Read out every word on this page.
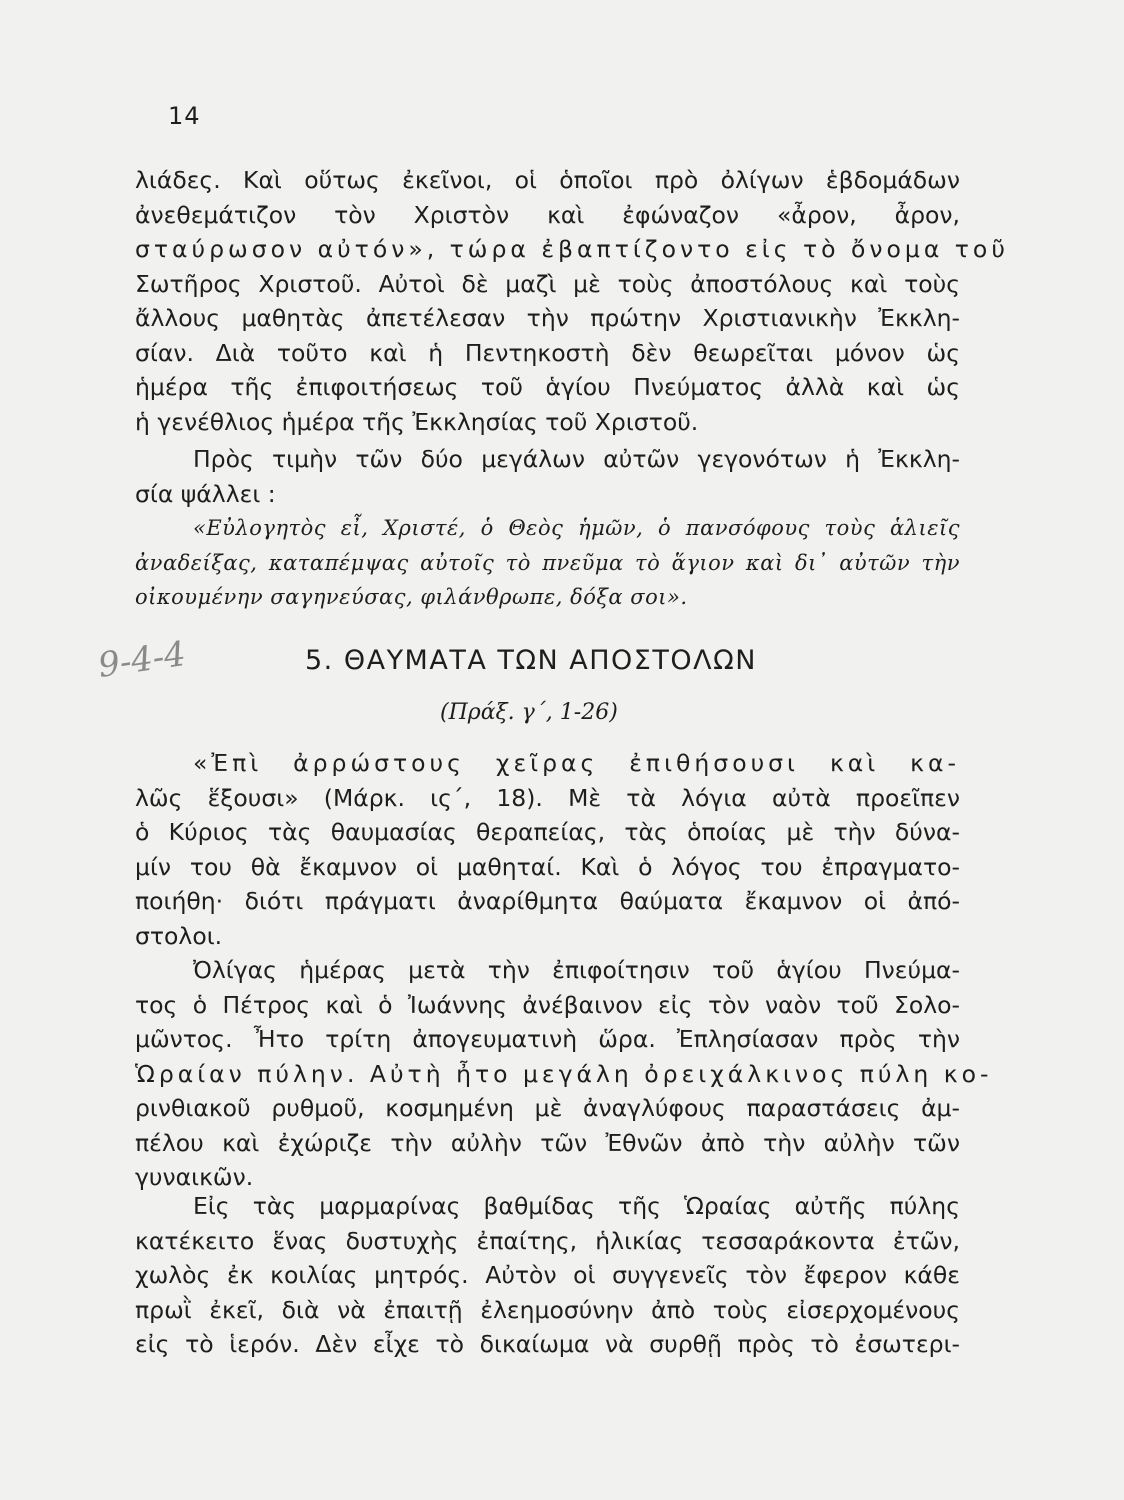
14
λιάδες. Καὶ οὕτως ἐκεῖνοι, οἱ ὁποῖοι πρὸ ὀλίγων ἑβδομάδων
ἀνεθεμάτιζον τὸν Χριστὸν καὶ ἐφώναζον «ἆρον, ἆρον,
σταύρωσον αὐτόν», τώρα ἐβαπτίζοντο εἰς τὸ ὄνομα τοῦ
Σωτῆρος Χριστοῦ. Αὐτοὶ δὲ μαζὶ μὲ τοὺς ἀποστόλους καὶ τοὺς
ἄλλους μαθητὰς ἀπετέλεσαν τὴν πρώτην Χριστιανικὴν Ἐκκλη-
σίαν. Διὰ τοῦτο καὶ ἡ Πεντηκοστὴ δὲν θεωρεῖται μόνον ὡς
ἡμέρα τῆς ἐπιφοιτήσεως τοῦ ἁγίου Πνεύματος ἀλλὰ καὶ ὡς
ἡ γενέθλιος ἡμέρα τῆς Ἐκκλησίας τοῦ Χριστοῦ.
Πρὸς τιμὴν τῶν δύο μεγάλων αὐτῶν γεγονότων ἡ Ἐκκλη-
σία ψάλλει :
«Εὐλογητὸς εἶ, Χριστέ, ὁ Θεὸς ἡμῶν, ὁ πανσόφους τοὺς ἁλιεῖς
ἀναδείξας, καταπέμψας αὐτοῖς τὸ πνεῦμα τὸ ἅγιον καὶ δι᾿ αὐτῶν τὴν
οἰκουμένην σαγηνεύσας, φιλάνθρωπε, δόξα σοι».
9-4-4	5. ΘΑΥΜΑΤΑ ΤΩΝ ΑΠΟΣΤΟΛΩΝ
(Πράξ. γ΄, 1-26)
«Ἐπὶ ἀρρώστους χεῖρας ἐπιθήσουσι καὶ κα-
λῶς ἕξουσι» (Μάρκ. ις΄, 18). Μὲ τὰ λόγια αὐτὰ προεῖπεν
ὁ Κύριος τὰς θαυμασίας θεραπείας, τὰς ὁποίας μὲ τὴν δύνα-
μίν του θὰ ἔκαμνον οἱ μαθηταί. Καὶ ὁ λόγος του ἐπραγματο-
ποιήθη· διότι πράγματι ἀναρίθμητα θαύματα ἔκαμνον οἱ ἀπό-
στολοι.
Ὀλίγας ἡμέρας μετὰ τὴν ἐπιφοίτησιν τοῦ ἁγίου Πνεύμα-
τος ὁ Πέτρος καὶ ὁ Ἰωάννης ἀνέβαινον εἰς τὸν ναὸν τοῦ Σολο-
μῶντος. Ἦτο τρίτη ἀπογευματινὴ ὥρα. Ἐπλησίασαν πρὸς τὴν
Ὡραίαν πύλην. Αὐτὴ ἦτο μεγάλη ὀρειχάλκινος πύλη κο-
ρινθιακοῦ ρυθμοῦ, κοσμημένη μὲ ἀναγλύφους παραστάσεις ἀμ-
πέλου καὶ ἐχώριζε τὴν αὐλὴν τῶν Ἐθνῶν ἀπὸ τὴν αὐλὴν τῶν
γυναικῶν.
Εἰς τὰς μαρμαρίνας βαθμίδας τῆς Ὡραίας αὐτῆς πύλης
κατέκειτο ἕνας δυστυχὴς ἐπαίτης, ἡλικίας τεσσαράκοντα ἐτῶν,
χωλὸς ἐκ κοιλίας μητρός. Αὐτὸν οἱ συγγενεῖς τὸν ἔφερον κάθε
πρωῒ ἐκεῖ, διὰ νὰ ἐπαιτῇ ἐλεημοσύνην ἀπὸ τοὺς εἰσερχομένους
εἰς τὸ ἱερόν. Δὲν εἶχε τὸ δικαίωμα νὰ συρθῇ πρὸς τὸ ἐσωτερι-
